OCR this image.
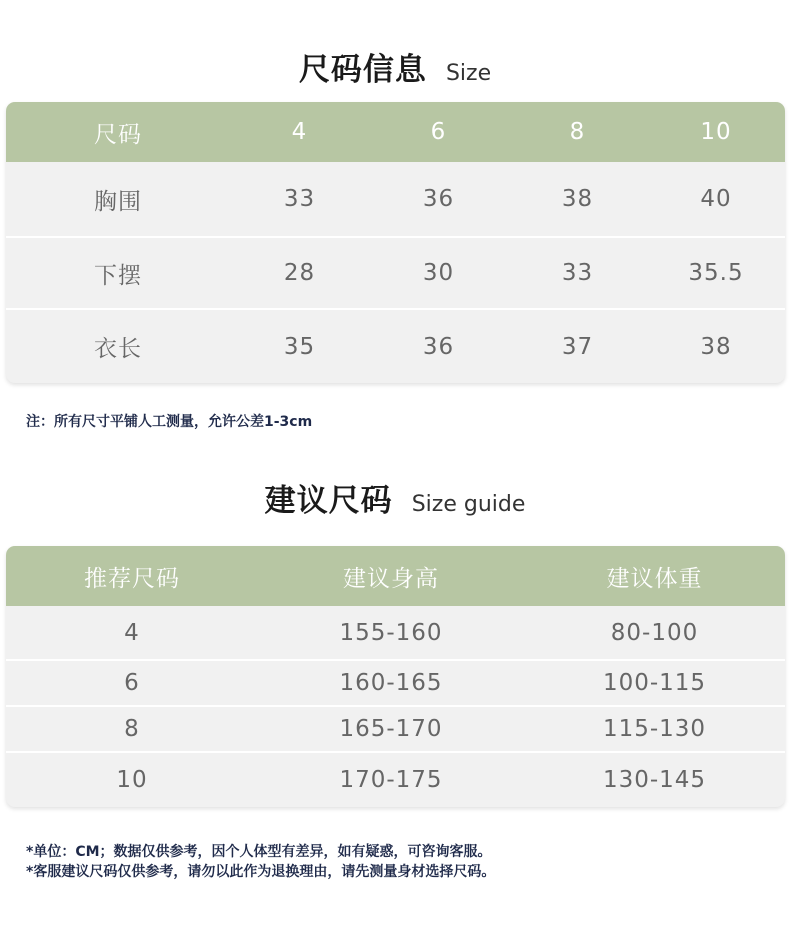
尺码信息 Size
尺码	4	6	8	10
胸围	33	36	38	40
下摆	28	30	33	35.5
衣长	35	36	37	38
注：所有尺寸平铺人工测量，允许公差1-3cm
建议尺码 Size guide
推荐尺码	建议身高	建议体重
4	155-160	80-100
6	160-165	100-115
8	165-170	115-130
10	170-175	130-145
*单位：CM；数据仅供参考，因个人体型有差异，如有疑惑，可咨询客服。
*客服建议尺码仅供参考，请勿以此作为退换理由，请先测量身材选择尺码。
